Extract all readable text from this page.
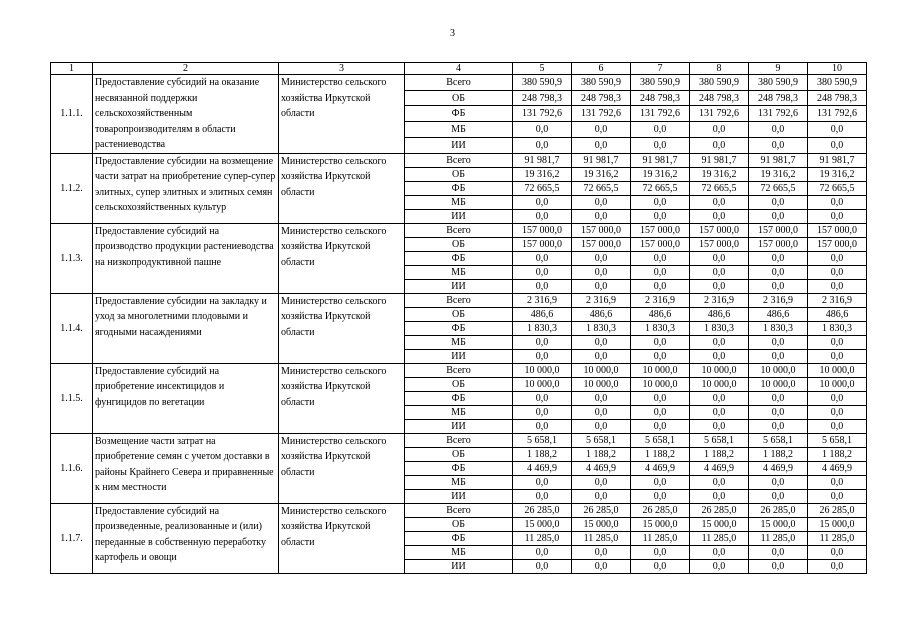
3
1	2	3	4	5	6	7	8	9	10
1.1.1.	Предоставление субсидий на оказание несвязанной поддержки сельскохозяйственным товаропроизводителям в области растениеводства	Министерство сельского хозяйства Иркутской области	Всего	380 590,9	380 590,9	380 590,9	380 590,9	380 590,9	380 590,9
			ОБ	248 798,3	248 798,3	248 798,3	248 798,3	248 798,3	248 798,3
			ФБ	131 792,6	131 792,6	131 792,6	131 792,6	131 792,6	131 792,6
			МБ	0,0	0,0	0,0	0,0	0,0	0,0
			ИИ	0,0	0,0	0,0	0,0	0,0	0,0
1.1.2.	Предоставление субсидии на возмещение части затрат на приобретение супер-супер элитных, супер элитных и элитных семян сельскохозяйственных культур	Министерство сельского хозяйства Иркутской области	Всего	91 981,7	91 981,7	91 981,7	91 981,7	91 981,7	91 981,7
			ОБ	19 316,2	19 316,2	19 316,2	19 316,2	19 316,2	19 316,2
			ФБ	72 665,5	72 665,5	72 665,5	72 665,5	72 665,5	72 665,5
			МБ	0,0	0,0	0,0	0,0	0,0	0,0
			ИИ	0,0	0,0	0,0	0,0	0,0	0,0
1.1.3.	Предоставление субсидий на производство продукции растениеводства на низкопродуктивной пашне	Министерство сельского хозяйства Иркутской области	Всего	157 000,0	157 000,0	157 000,0	157 000,0	157 000,0	157 000,0
			ОБ	157 000,0	157 000,0	157 000,0	157 000,0	157 000,0	157 000,0
			ФБ	0,0	0,0	0,0	0,0	0,0	0,0
			МБ	0,0	0,0	0,0	0,0	0,0	0,0
			ИИ	0,0	0,0	0,0	0,0	0,0	0,0
1.1.4.	Предоставление субсидии на закладку и уход за многолетними плодовыми и ягодными насаждениями	Министерство сельского хозяйства Иркутской области	Всего	2 316,9	2 316,9	2 316,9	2 316,9	2 316,9	2 316,9
			ОБ	486,6	486,6	486,6	486,6	486,6	486,6
			ФБ	1 830,3	1 830,3	1 830,3	1 830,3	1 830,3	1 830,3
			МБ	0,0	0,0	0,0	0,0	0,0	0,0
			ИИ	0,0	0,0	0,0	0,0	0,0	0,0
1.1.5.	Предоставление субсидий на приобретение инсектицидов и фунгицидов по вегетации	Министерство сельского хозяйства Иркутской области	Всего	10 000,0	10 000,0	10 000,0	10 000,0	10 000,0	10 000,0
			ОБ	10 000,0	10 000,0	10 000,0	10 000,0	10 000,0	10 000,0
			ФБ	0,0	0,0	0,0	0,0	0,0	0,0
			МБ	0,0	0,0	0,0	0,0	0,0	0,0
			ИИ	0,0	0,0	0,0	0,0	0,0	0,0
1.1.6.	Возмещение части затрат на приобретение семян с учетом доставки в районы Крайнего Севера и приравненные к ним местности	Министерство сельского хозяйства Иркутской области	Всего	5 658,1	5 658,1	5 658,1	5 658,1	5 658,1	5 658,1
			ОБ	1 188,2	1 188,2	1 188,2	1 188,2	1 188,2	1 188,2
			ФБ	4 469,9	4 469,9	4 469,9	4 469,9	4 469,9	4 469,9
			МБ	0,0	0,0	0,0	0,0	0,0	0,0
			ИИ	0,0	0,0	0,0	0,0	0,0	0,0
1.1.7.	Предоставление субсидий на произведенные, реализованные и (или) переданные в собственную переработку картофель и овощи	Министерство сельского хозяйства Иркутской области	Всего	26 285,0	26 285,0	26 285,0	26 285,0	26 285,0	26 285,0
			ОБ	15 000,0	15 000,0	15 000,0	15 000,0	15 000,0	15 000,0
			ФБ	11 285,0	11 285,0	11 285,0	11 285,0	11 285,0	11 285,0
			МБ	0,0	0,0	0,0	0,0	0,0	0,0
			ИИ	0,0	0,0	0,0	0,0	0,0	0,0
